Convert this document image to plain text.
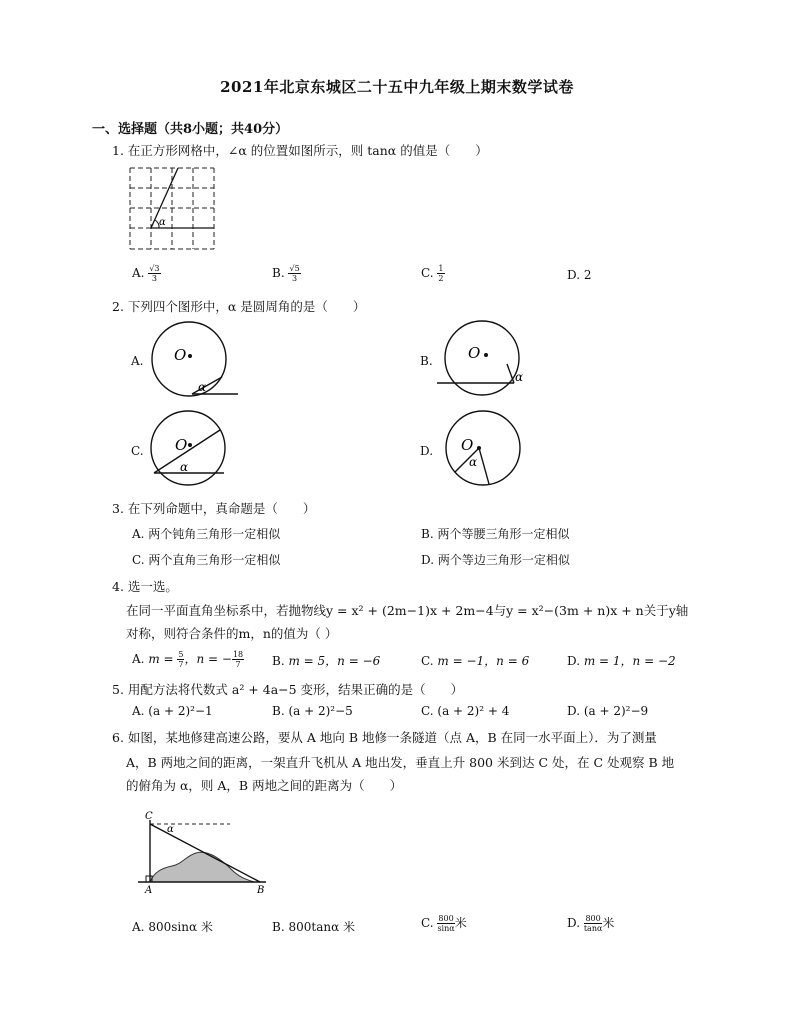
2021年北京东城区二十五中九年级上期末数学试卷
一、选择题（共8小题；共40分）
1. 在正方形网格中，∠α 的位置如图所示，则 tanα 的值是（　　）
α
A. $\frac{√3}{3}$	B. $\frac{√5}{3}$	C. $\frac{1}{2}$	D. 2
2. 下列四个图形中，α 是圆周角的是（　　）
A. O
α
B. O
α
C. O
α
D. O
α
3. 在下列命题中，真命题是（　　）
A. 两个钝角三角形一定相似	B. 两个等腰三角形一定相似
C. 两个直角三角形一定相似	D. 两个等边三角形一定相似
4. 选一选。
在同一平面直角坐标系中，若抛物线y = x² + (2m−1)x + 2m−4与y = x²−(3m + n)x + n关于y轴
对称，则符合条件的m，n的值为（ ）
A. $m = \frac{5}{7}$ ，n = − $\frac{18}{7} B$. m = 5，n = −6	C. m = −1，n = 6	D. m = 1，n = −2
5. 用配方法将代数式 a² + 4a−5 变形，结果正确的是（　　）
A. (a + 2)²−1	B. (a + 2)²−5	C. (a + 2)² + 4	D. (a + 2)²−9
6. 如图，某地修建高速公路，要从 A 地向 B 地修一条隧道（点 A，B 在同一水平面上）．为了测量
A，B 两地之间的距离，一架直升飞机从 A 地出发，垂直上升 800 米到达 C 处，在 C 处观察 B 地
的俯角为 α，则 A，B 两地之间的距离为（　　）
C
α
A	B
A. 800sinα 米	B. 800tanα 米	C. $\frac{800}{\sin\alpha}$ 米	D. $\frac{800}{\tan\alpha}$ 米
